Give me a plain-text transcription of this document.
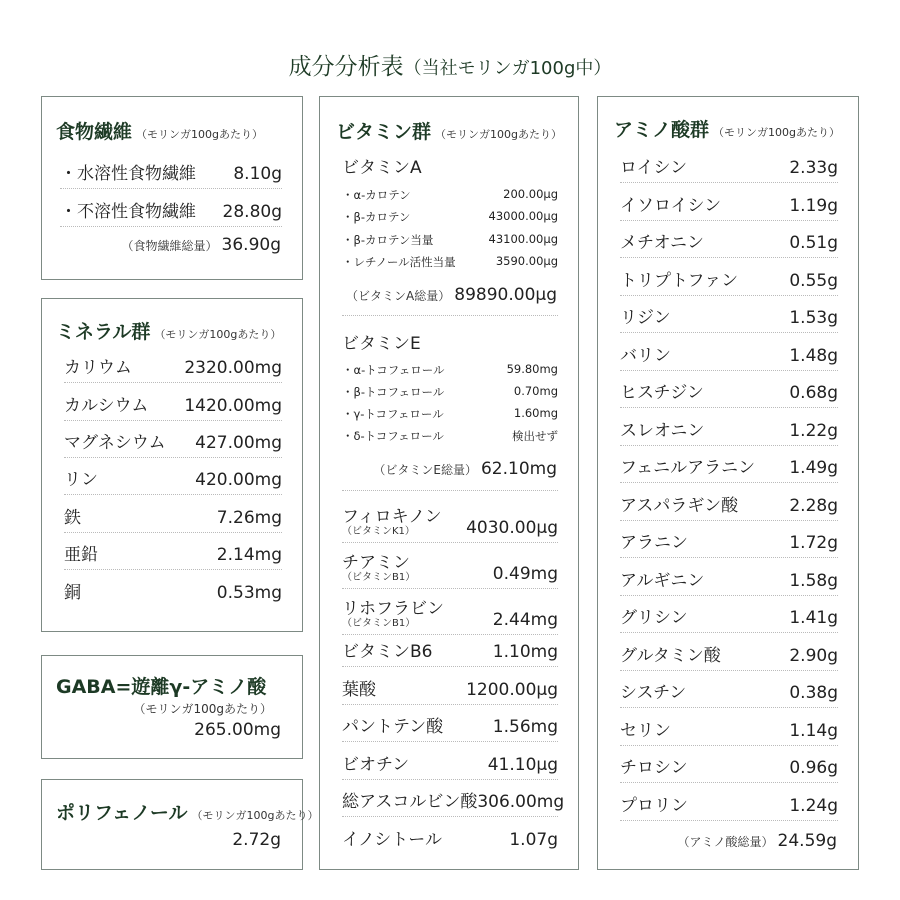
成分分析表（当社モリンガ100g中）
食物繊維 （モリンガ100gあたり）
・水溶性食物繊維 8.10g
・不溶性食物繊維 28.80g
（食物繊維総量） 36.90g
ミネラル群 （モリンガ100gあたり）
カリウム	2320.00mg
カルシウム 1420.00mg
マグネシウム 427.00mg
リン	420.00mg
鉄	7.26mg
亜鉛	2.14mg
銅	0.53mg
GABA=遊離γ-アミノ酸
（モリンガ100gあたり）
265.00mg
ポリフェノール （モリンガ100gあたり）
2.72g
ビタミン群 （モリンガ100gあたり）
ビタミンA
・α-カロテン	200.00μg
・β-カロテン	43000.00μg
・β-カロテン当量	43100.00μg
・レチノール活性当量	3590.00μg
（ビタミンA総量） 89890.00μg
ビタミンE
・α-トコフェロール	59.80mg
・β-トコフェロール	0.70mg
・γ-トコフェロール	1.60mg
・δ-トコフェロール	検出せず
（ビタミンE総量） 62.10mg
フィロキノン
（ビタミンK1）	4030.00μg
チアミン
（ビタミンB1）	0.49mg
リホフラビン
（ビタミンB1）	2.44mg
ビタミンB6	1.10mg
葉酸	1200.00μg
パントテン酸	1.56mg
ビオチン	41.10μg
総アスコルビン酸 306.00mg
イノシトール	1.07g
アミノ酸群 （モリンガ100gあたり）
ロイシン	2.33g
イソロイシン	1.19g
メチオニン	0.51g
トリプトファン	0.55g
リジン	1.53g
バリン	1.48g
ヒスチジン	0.68g
スレオニン	1.22g
フェニルアラニン 1.49g
アスパラギン酸	2.28g
アラニン	1.72g
アルギニン	1.58g
グリシン	1.41g
グルタミン酸	2.90g
シスチン	0.38g
セリン	1.14g
チロシン	0.96g
プロリン	1.24g
（アミノ酸総量） 24.59g
